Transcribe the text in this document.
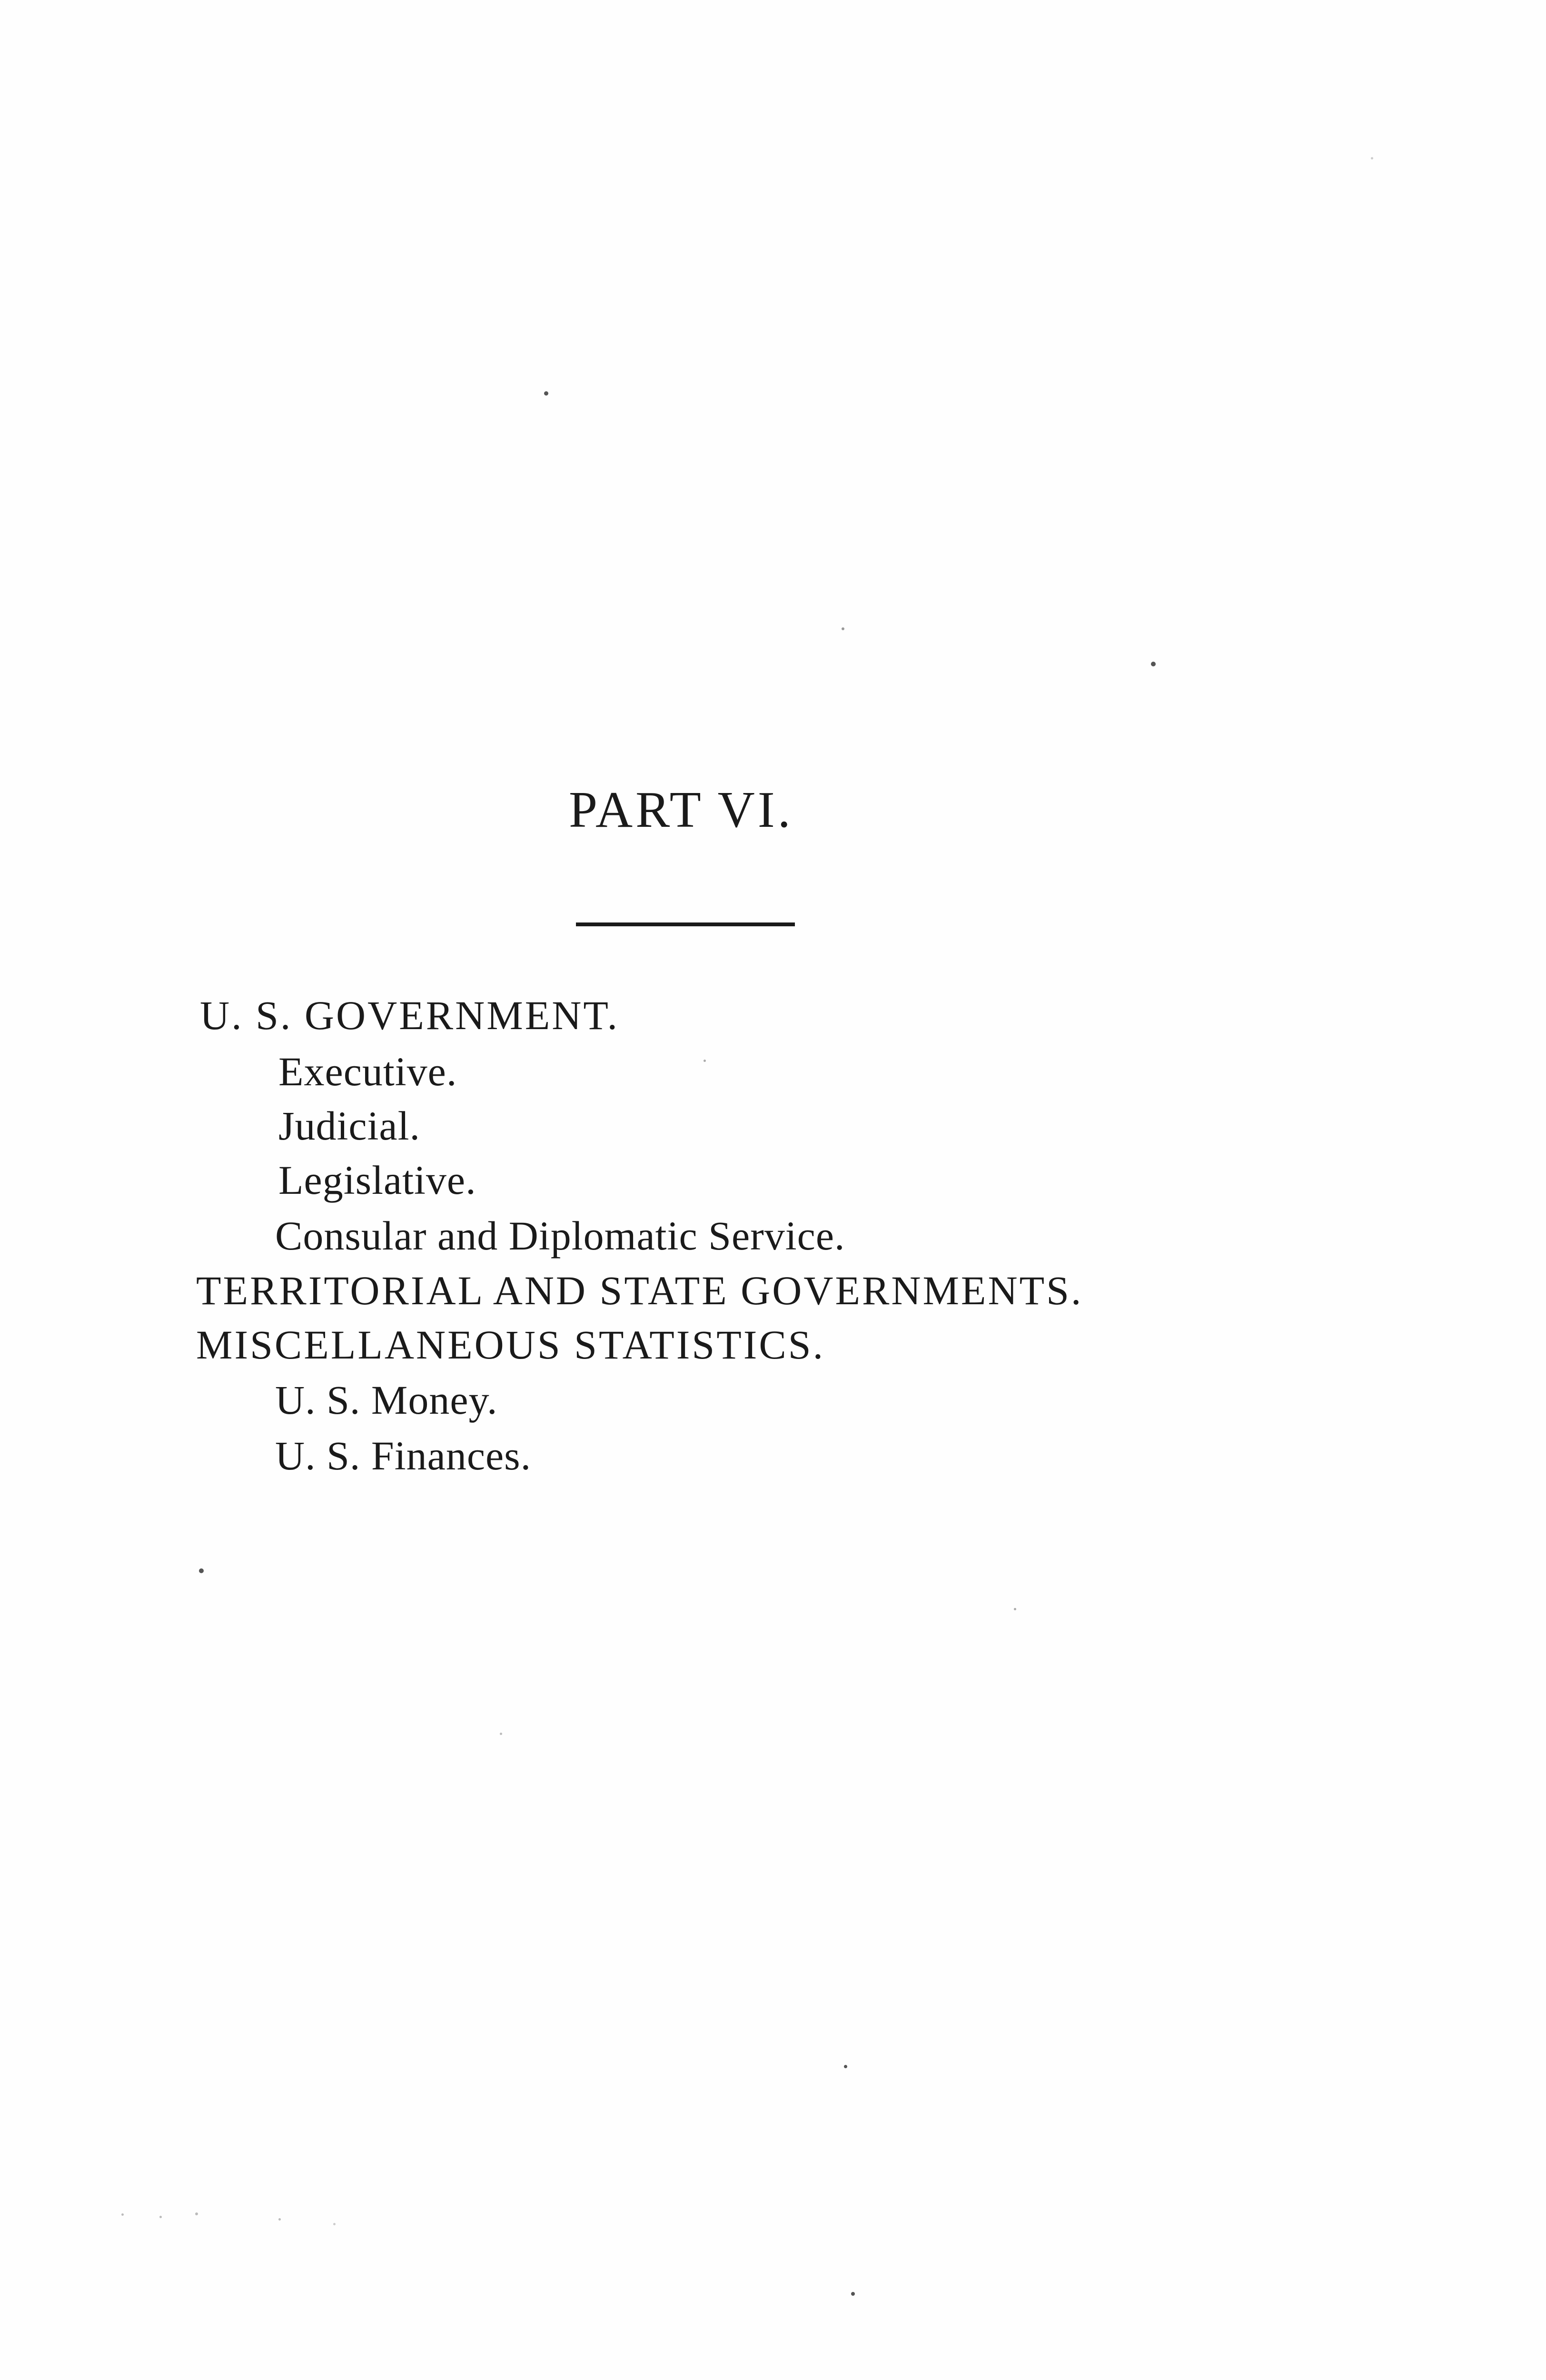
PART VI.
U. S. GOVERNMENT.
Executive.
Judicial.
Legislative.
Consular and Diplomatic Service.
TERRITORIAL AND STATE GOVERNMENTS.
MISCELLANEOUS STATISTICS.
U. S. Money.
U. S. Finances.
